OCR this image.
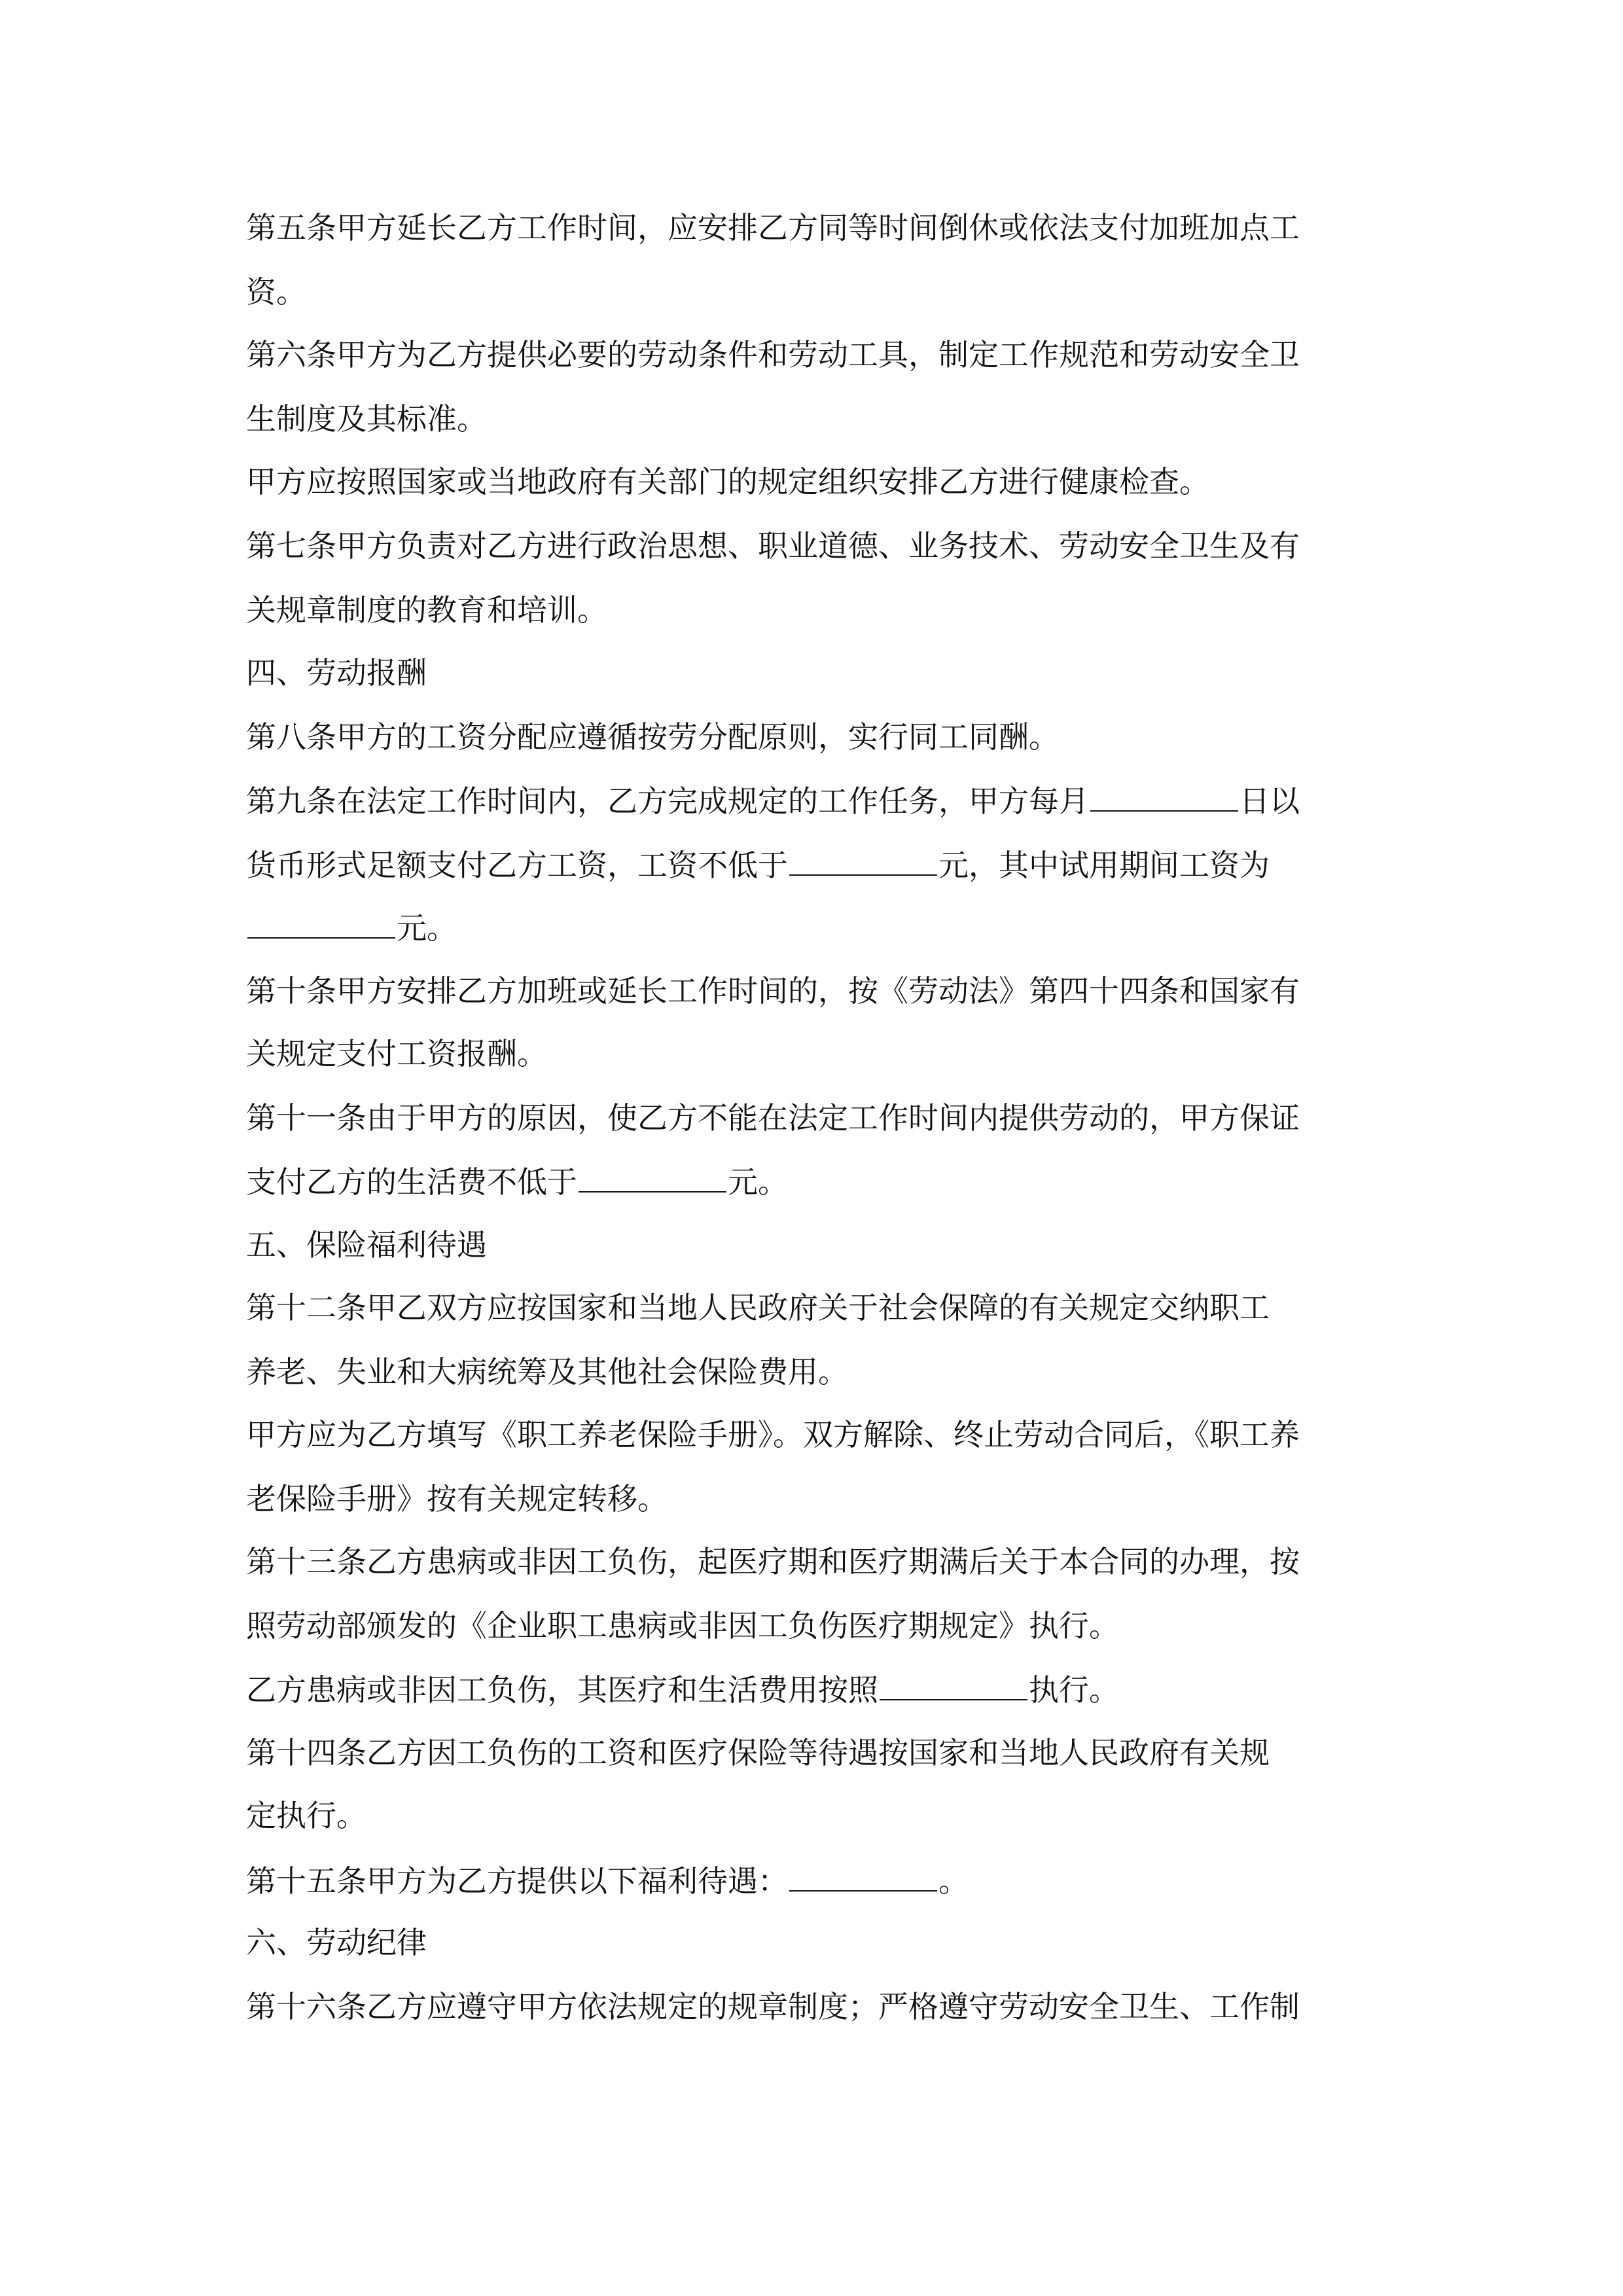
第五条甲方延长乙方工作时间，应安排乙方同等时间倒休或依法支付加班加点工
资。
第六条甲方为乙方提供必要的劳动条件和劳动工具，制定工作规范和劳动安全卫
生制度及其标准。
甲方应按照国家或当地政府有关部门的规定组织安排乙方进行健康检查。
第七条甲方负责对乙方进行政治思想、职业道德、业务技术、劳动安全卫生及有
关规章制度的教育和培训。
四、劳动报酬
第八条甲方的工资分配应遵循按劳分配原则，实行同工同酬。
第九条在法定工作时间内，乙方完成规定的工作任务，甲方每月	日以
货币形式足额支付乙方工资，工资不低于	元，其中试用期间工资为
元。
第十条甲方安排乙方加班或延长工作时间的，按《劳动法》第四十四条和国家有
关规定支付工资报酬。
第十一条由于甲方的原因，使乙方不能在法定工作时间内提供劳动的，甲方保证
支付乙方的生活费不低于	元。
五、保险福利待遇
第十二条甲乙双方应按国家和当地人民政府关于社会保障的有关规定交纳职工
养老、失业和大病统筹及其他社会保险费用。
甲方应为乙方填写《职工养老保险手册》。双方解除、终止劳动合同后，《职工养
老保险手册》按有关规定转移。
第十三条乙方患病或非因工负伤，起医疗期和医疗期满后关于本合同的办理，按
照劳动部颁发的《企业职工患病或非因工负伤医疗期规定》执行。
乙方患病或非因工负伤，其医疗和生活费用按照	执行。
第十四条乙方因工负伤的工资和医疗保险等待遇按国家和当地人民政府有关规
定执行。
第十五条甲方为乙方提供以下福利待遇：	。
六、劳动纪律
第十六条乙方应遵守甲方依法规定的规章制度；严格遵守劳动安全卫生、工作制
